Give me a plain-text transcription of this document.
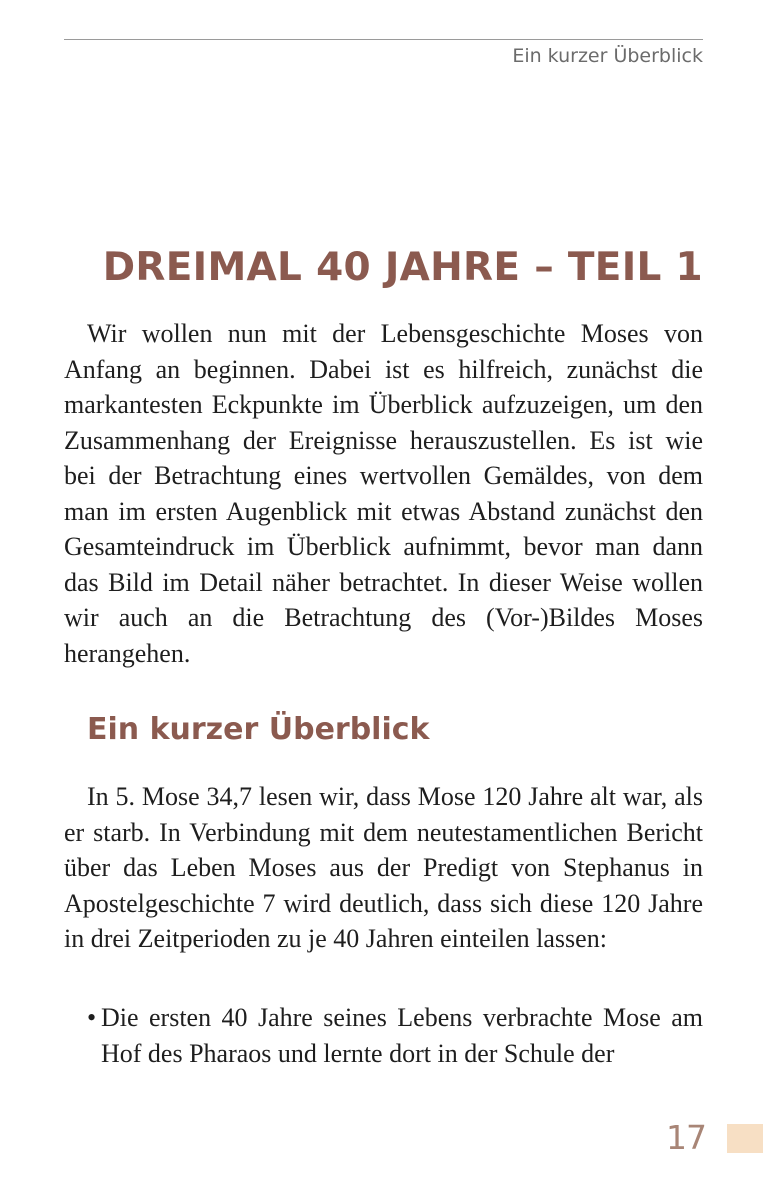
Ein kurzer Überblick
DREIMAL 40 JAHRE – TEIL 1

Wir wollen nun mit der Lebensgeschichte Moses von Anfang an beginnen. Dabei ist es hilfreich, zunächst die markantesten Eckpunkte im Überblick aufzuzeigen, um den Zusammenhang der Ereignisse herauszustellen. Es ist wie bei der Betrachtung eines wertvollen Gemäldes, von dem man im ersten Augenblick mit etwas Abstand zunächst den Gesamteindruck im Überblick aufnimmt, bevor man dann das Bild im Detail näher betrachtet. In dieser Weise wollen wir auch an die Betrachtung des (Vor-)Bildes Moses herangehen.

Ein kurzer Überblick

In 5. Mose 34,7 lesen wir, dass Mose 120 Jahre alt war, als er starb. In Verbindung mit dem neutestamentlichen Bericht über das Leben Moses aus der Predigt von Stephanus in Apostelgeschichte 7 wird deutlich, dass sich diese 120 Jahre in drei Zeitperioden zu je 40 Jahren einteilen lassen:

• Die ersten 40 Jahre seines Lebens verbrachte Mose am Hof des Pharaos und lernte dort in der Schule der
17
